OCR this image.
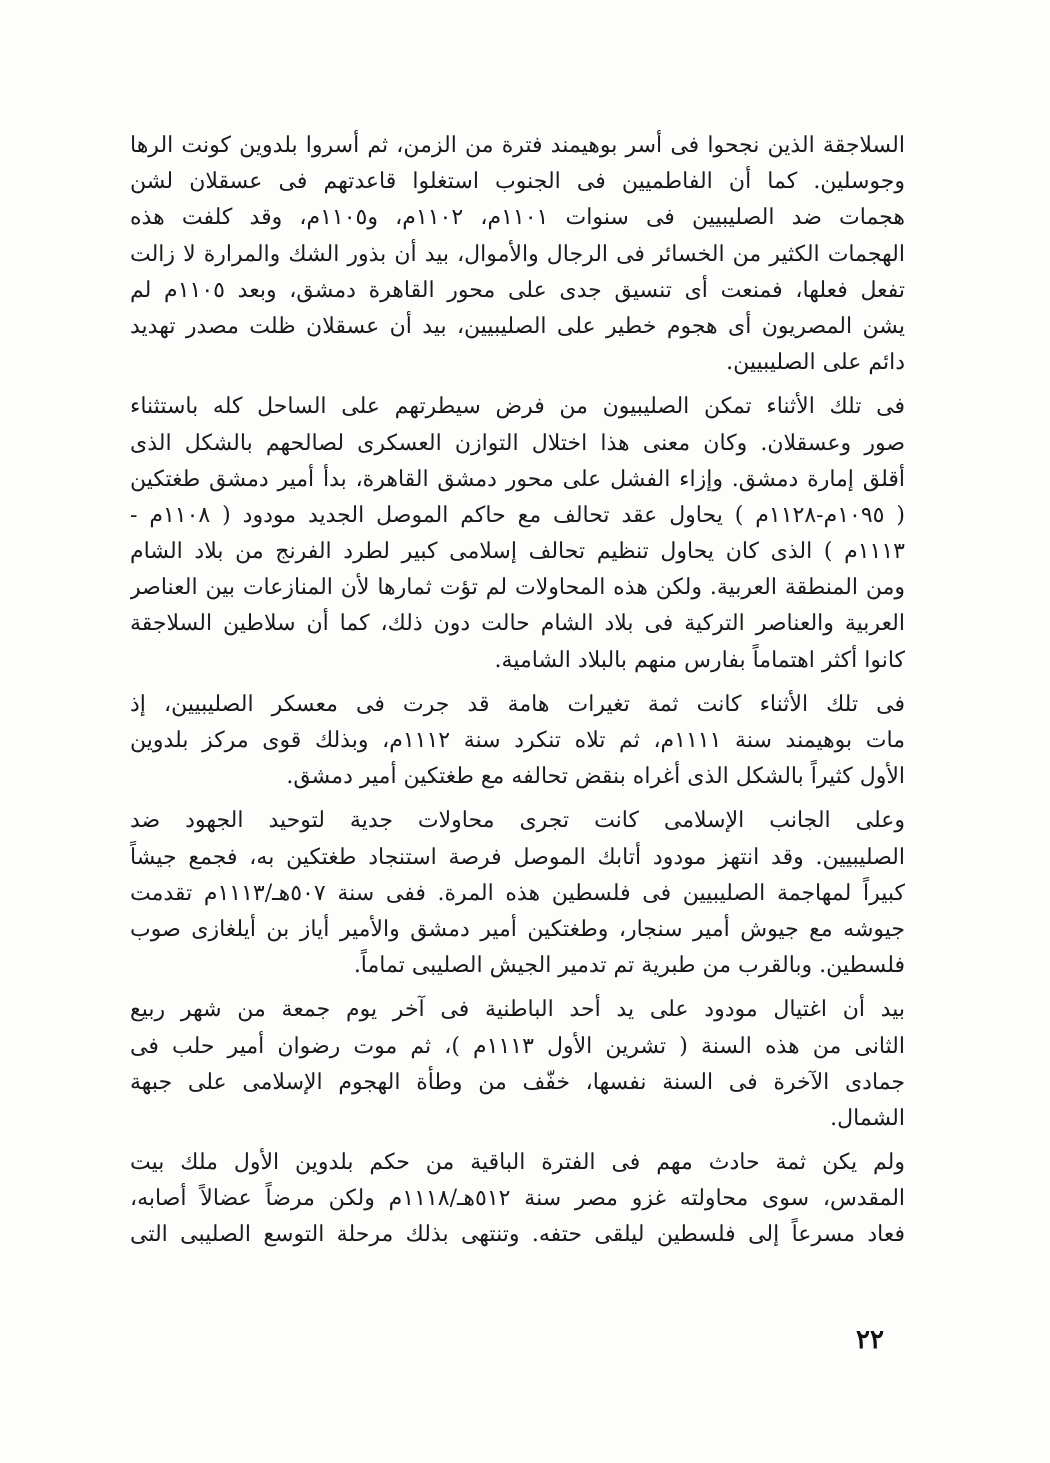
السلاجقة الذين نجحوا فى أسر بوهيمند فترة من الزمن، ثم أسروا بلدوين كونت الرها
وجوسلين. كما أن الفاطميين فى الجنوب استغلوا قاعدتهم فى عسقلان لشن
هجمات ضد الصليبيين فى سنوات ١١٠١م، ١١٠٢م، و١١٠٥م، وقد كلفت هذه
الهجمات الكثير من الخسائر فى الرجال والأموال، بيد أن بذور الشك والمرارة لا زالت
تفعل فعلها، فمنعت أى تنسيق جدى على محور القاهرة دمشق، وبعد ١١٠٥م لم
يشن المصريون أى هجوم خطير على الصليبيين، بيد أن عسقلان ظلت مصدر تهديد
دائم على الصليبيين.
فى تلك الأثناء تمكن الصليبيون من فرض سيطرتهم على الساحل كله باستثناء
صور وعسقلان. وكان معنى هذا اختلال التوازن العسكرى لصالحهم بالشكل الذى
أقلق إمارة دمشق. وإزاء الفشل على محور دمشق القاهرة، بدأ أمير دمشق طغتكين
( ١٠٩٥م-١١٢٨م ) يحاول عقد تحالف مع حاكم الموصل الجديد مودود ( ١١٠٨م -
١١١٣م ) الذى كان يحاول تنظيم تحالف إسلامى كبير لطرد الفرنج من بلاد الشام
ومن المنطقة العربية. ولكن هذه المحاولات لم تؤت ثمارها لأن المنازعات بين العناصر
العربية والعناصر التركية فى بلاد الشام حالت دون ذلك، كما أن سلاطين السلاجقة
كانوا أكثر اهتماماً بفارس منهم بالبلاد الشامية.
فى تلك الأثناء كانت ثمة تغيرات هامة قد جرت فى معسكر الصليبيين، إذ
مات بوهيمند سنة ١١١١م، ثم تلاه تنكرد سنة ١١١٢م، وبذلك قوى مركز بلدوين
الأول كثيراً بالشكل الذى أغراه بنقض تحالفه مع طغتكين أمير دمشق.
وعلى الجانب الإسلامى كانت تجرى محاولات جدية لتوحيد الجهود ضد
الصليبيين. وقد انتهز مودود أتابك الموصل فرصة استنجاد طغتكين به، فجمع جيشاً
كبيراً لمهاجمة الصليبيين فى فلسطين هذه المرة. ففى سنة ٥٠٧هـ/١١١٣م تقدمت
جيوشه مع جيوش أمير سنجار، وطغتكين أمير دمشق والأمير أياز بن أيلغازى صوب
فلسطين. وبالقرب من طبرية تم تدمير الجيش الصليبى تماماً.
بيد أن اغتيال مودود على يد أحد الباطنية فى آخر يوم جمعة من شهر ربيع
الثانى من هذه السنة ( تشرين الأول ١١١٣م )، ثم موت رضوان أمير حلب فى
جمادى الآخرة فى السنة نفسها، خفّف من وطأة الهجوم الإسلامى على جبهة
الشمال.
ولم يكن ثمة حادث مهم فى الفترة الباقية من حكم بلدوين الأول ملك بيت
المقدس، سوى محاولته غزو مصر سنة ٥١٢هـ/١١١٨م ولكن مرضاً عضالاً أصابه،
فعاد مسرعاً إلى فلسطين ليلقى حتفه. وتنتهى بذلك مرحلة التوسع الصليبى التى
٢٢
